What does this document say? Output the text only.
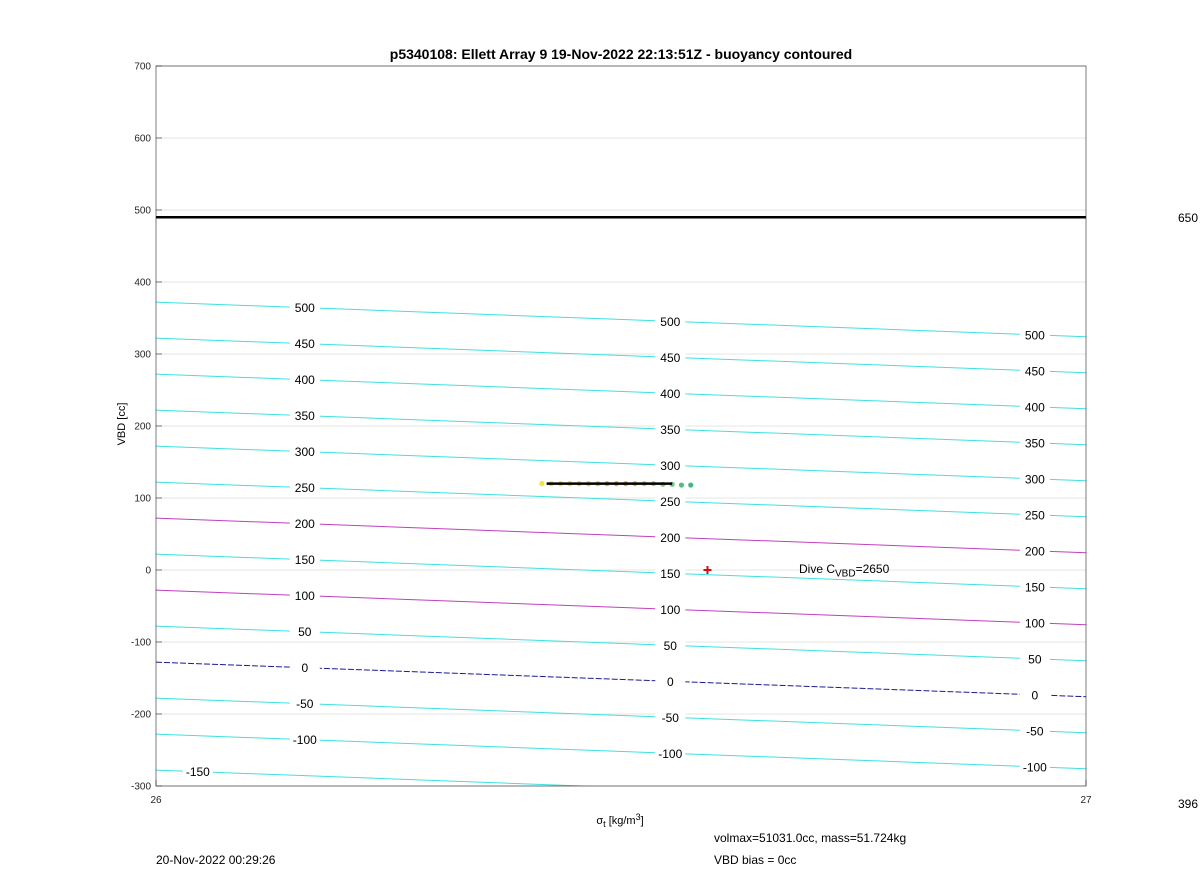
500
450
400
350
300
250
200
150
100
50
0
-50
-100
-150
500
450
400
350
300
250
200
150
100
50
0
-50
-100
500
450
400
350
300
250
200
150
100
50
0
-50
-100
700
600
500
400
300
200
100
0
-100
-200
-300
26	27
p5340108: Ellett Array 9 19-Nov-2022 22:13:51Z - buoyancy contoured
VBD [cc]
$\sigma_t$ $[kg/m^3]$
Dive $C_{VBD}=2650$
650
396
volmax=51031.0cc, mass=51.724kg
VBD bias = 0cc
20-Nov-2022 00:29:26
